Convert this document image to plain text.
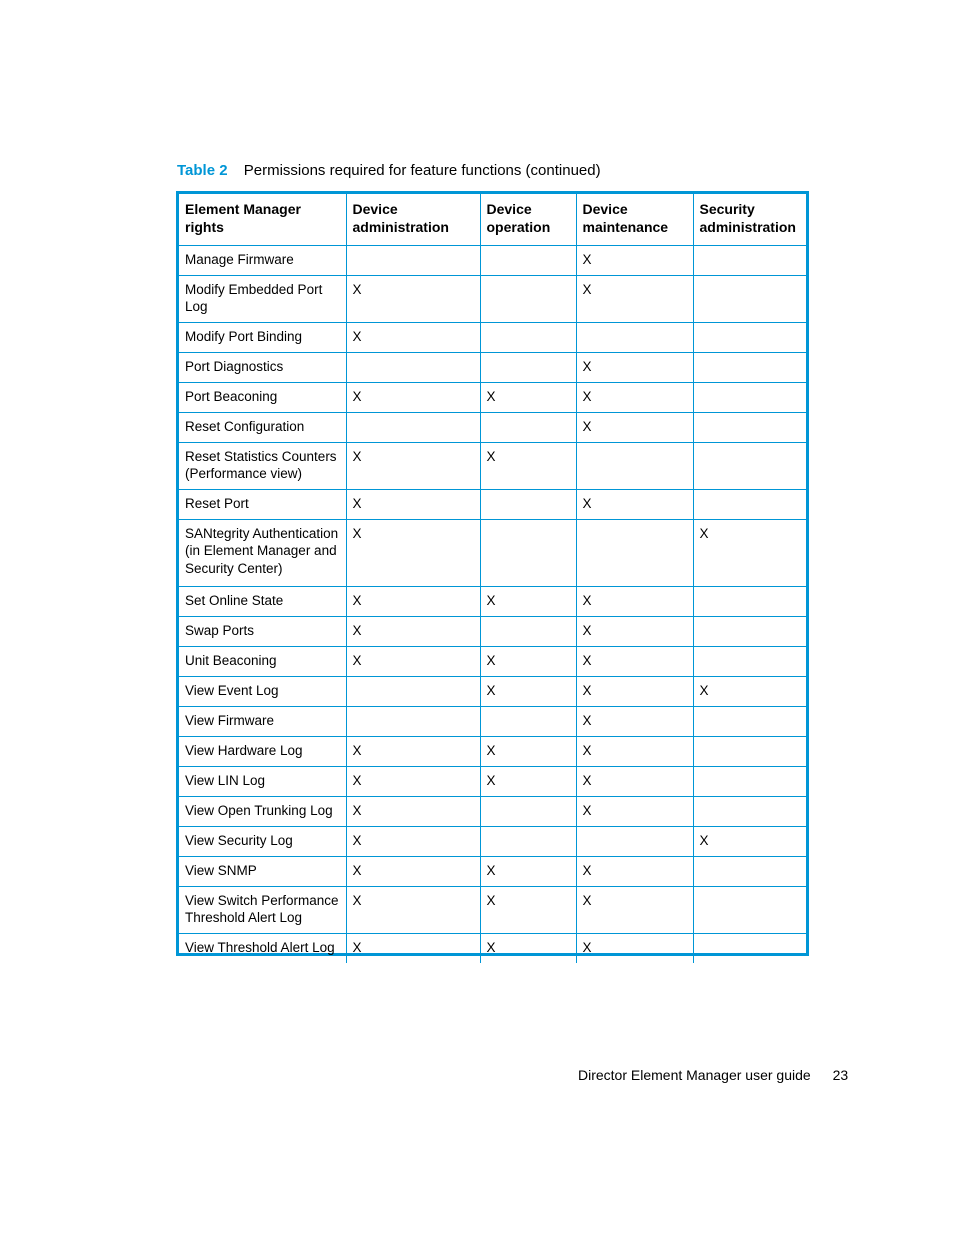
Table 2 Permissions required for feature functions (continued)
Element Manager rights	Device administration	Device operation	Device maintenance	Security administration
Manage Firmware			X	
Modify Embedded Port Log	X		X	
Modify Port Binding	X			
Port Diagnostics			X	
Port Beaconing	X	X	X	
Reset Configuration			X	
Reset Statistics Counters (Performance view)	X	X		
Reset Port	X		X	
SANtegrity Authentication (in Element Manager and Security Center)	X			X
Set Online State	X	X	X	
Swap Ports	X		X	
Unit Beaconing	X	X	X	
View Event Log		X	X	X
View Firmware			X	
View Hardware Log	X	X	X	
View LIN Log	X	X	X	
View Open Trunking Log	X		X	
View Security Log	X			X
View SNMP	X	X	X	
View Switch Performance Threshold Alert Log	X	X	X	
View Threshold Alert Log	X	X	X	
Director Element Manager user guide 23
